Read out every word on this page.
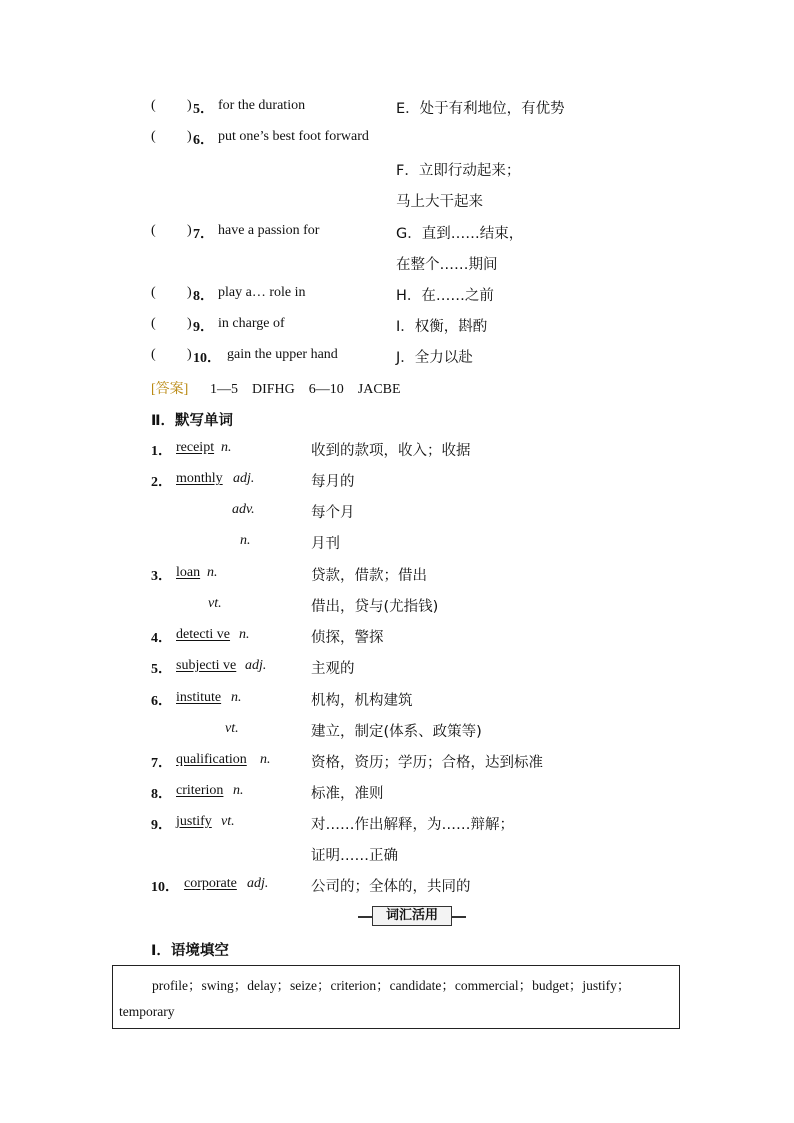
( ) 5． for the duration	E．处于有利地位，有优势
( ) 6． put one’s best foot forward
F．立即行动起来；
马上大干起来
( ) 7． have a passion for	G．直到……结束，
在整个……期间
( ) 8． play a… role in	H．在……之前
( ) 9． in charge of	I．权衡，斟酌
( ) 10． gain the upper hand	J．全力以赴
[答案] 1—5　DIFHG　6—10　JACBE
Ⅱ．默写单词
1． receipt n.	收到的款项，收入；收据
2． monthly adj.	每月的
adv.	每个月
n.	月刊
3． loan n.	贷款，借款；借出
vt.	借出，贷与(尤指钱)
4． detecti ve n.	侦探，警探
5． subjecti ve adj.	主观的
6． institute n.	机构，机构建筑
vt.	建立，制定(体系、政策等)
7． qualification n.	资格，资历；学历；合格，达到标准
8． criterion n.	标准，准则
9． justify vt.	对……作出解释，为……辩解；
证明……正确
10． corporate adj.	公司的；全体的，共同的
词汇活用
Ⅰ．语境填空
profile；swing；delay；seize；criterion；candidate；commercial；budget；justify；
temporary
